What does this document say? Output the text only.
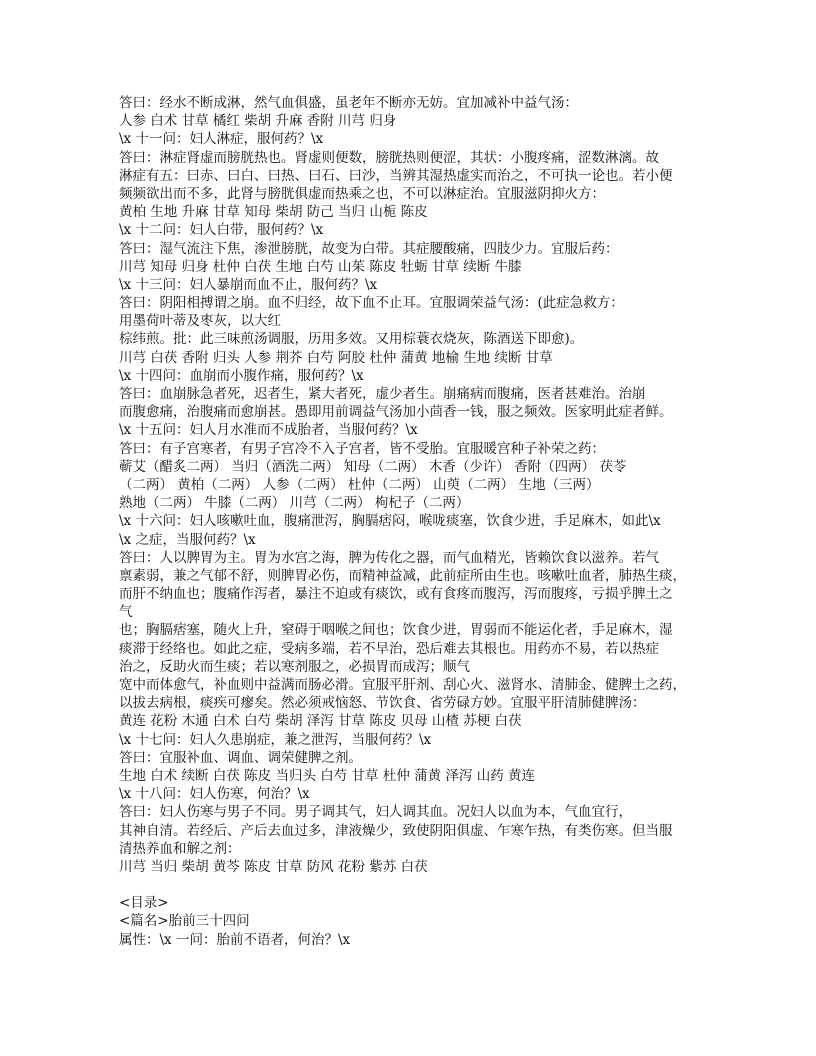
答曰：经水不断成淋，然气血俱盛，虽老年不断亦无妨。宜加减补中益气汤：
人参 白术 甘草 橘红 柴胡 升麻 香附 川芎 归身
\x 十一问：妇人淋症，服何药？\x
答曰：淋症肾虚而膀胱热也。肾虚则便数，膀胱热则便涩，其状：小腹疼痛，涩数淋漓。故
淋症有五：曰赤、曰白、曰热、曰石、曰沙，当辨其湿热虚实而治之，不可执一论也。若小便
频频欲出而不多，此肾与膀胱俱虚而热乘之也，不可以淋症治。宜服滋阴抑火方：
黄柏 生地 升麻 甘草 知母 柴胡 防己 当归 山栀 陈皮
\x 十二问：妇人白带，服何药？\x
答曰：湿气流注下焦，渗泄膀胱，故变为白带。其症腰酸痛，四肢少力。宜服后药：
川芎 知母 归身 杜仲 白茯 生地 白芍 山茱 陈皮 牡蛎 甘草 续断 牛膝
\x 十三问：妇人暴崩而血不止，服何药？\x
答曰：阴阳相搏谓之崩。血不归经，故下血不止耳。宜服调荣益气汤：(此症急救方：
用墨荷叶蒂及枣灰，以大红
棕纬煎。批：此三味煎汤调服，历用多效。又用棕蓑衣烧灰，陈酒送下即愈)。
川芎 白茯 香附 归头 人参 荆芥 白芍 阿胶 杜仲 蒲黄 地榆 生地 续断 甘草
\x 十四问：血崩而小腹作痛，服何药？\x
答曰：血崩脉急者死，迟者生，紧大者死，虚少者生。崩痛病而腹痛，医者甚难治。治崩
而腹愈痛，治腹痛而愈崩甚。愚即用前调益气汤加小茴香一钱，服之频效。医家明此症者鲜。
\x 十五问：妇人月水准而不成胎者，当服何药？\x
答曰：有子宫寒者，有男子宫冷不入子宫者，皆不受胎。宜服暖宫种子补荣之药：
蕲艾（醋炙二两） 当归（酒洗二两） 知母（二两） 木香（少许） 香附（四两） 茯苓
（二两） 黄柏（二两） 人参（二两） 杜仲（二两） 山萸（二两） 生地（三两）
熟地（二两） 牛膝（二两） 川芎（二两） 枸杞子（二两）
\x 十六问：妇人咳嗽吐血，腹痛泄泻，胸膈痞闷，喉咙痰塞，饮食少进，手足麻木，如此\x
\x 之症，当服何药？\x
答曰：人以脾胃为主。胃为水宫之海，脾为传化之器，而气血精光，皆赖饮食以滋养。若气
禀素弱，兼之气郁不舒，则脾胃必伤，而精神益减，此前症所由生也。咳嗽吐血者，肺热生痰，
而肝不纳血也；腹痛作泻者，暴注不迫或有痰饮，或有食疼而腹泻，泻而腹疼，亏损乎脾土之
气
也；胸膈痞塞，随火上升，窒碍于咽喉之间也；饮食少进，胃弱而不能运化者，手足麻木，湿
痰滞于经络也。如此之症，受病多端，若不早治，恐后难去其根也。用药亦不易，若以热症
治之，反助火而生痰；若以寒剂服之，必损胃而成泻；顺气
宽中而体愈气，补血则中益满而肠必滑。宜服平肝剂、刮心火、滋肾水、清肺金、健脾土之药，
以拔去病根，痰疾可瘳矣。然必须戒恼怒、节饮食、省劳碌方妙。宜服平肝清肺健脾汤：
黄连 花粉 木通 白术 白芍 柴胡 泽泻 甘草 陈皮 贝母 山楂 苏梗 白茯
\x 十七问：妇人久患崩症，兼之泄泻，当服何药？\x
答曰：宜服补血、调血、调荣健脾之剂。
生地 白术 续断 白茯 陈皮 当归头 白芍 甘草 杜仲 蒲黄 泽泻 山药 黄连
\x 十八问：妇人伤寒，何治？\x
答曰：妇人伤寒与男子不同。男子调其气，妇人调其血。况妇人以血为本，气血宜行，
其神自清。若经后、产后去血过多，津液燥少，致使阴阳俱虚、乍寒乍热，有类伤寒。但当服
清热养血和解之剂：
川芎 当归 柴胡 黄芩 陈皮 甘草 防风 花粉 紫苏 白茯
<目录>
<篇名>胎前三十四问
属性：\x 一问：胎前不语者，何治？\x
